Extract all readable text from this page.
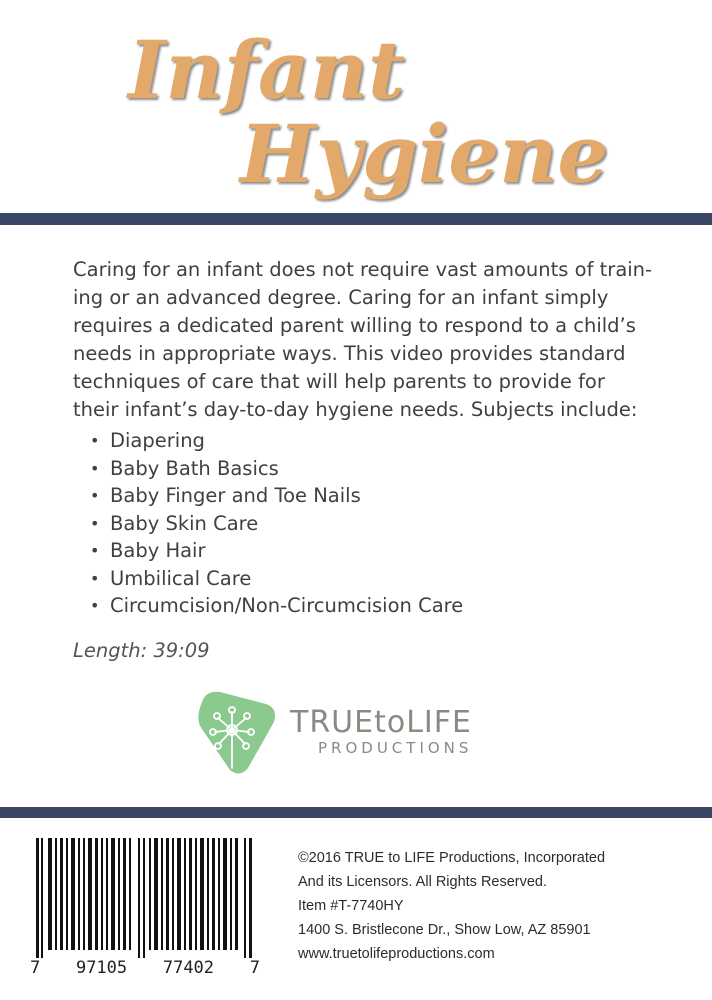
Infant
Hygiene

Caring for an infant does not require vast amounts of train-ing or an advanced degree. Caring for an infant simply requires a dedicated parent willing to respond to a child’s needs in appropriate ways. This video provides standard techniques of care that will help parents to provide for their infant’s day-to-day hygiene needs. Subjects include:

• Diapering
• Baby Bath Basics
• Baby Finger and Toe Nails
• Baby Skin Care
• Baby Hair
• Umbilical Care
• Circumcision/Non-Circumcision Care

Length: 39:09

TRUEtoLIFE

PRODUCTIONS

7 97105 77402 7
©2016 TRUE to LIFE Productions, Incorporated
And its Licensors. All Rights Reserved.
Item #T-7740HY
1400 S. Bristlecone Dr., Show Low, AZ 85901
www.truetolifeproductions.com
